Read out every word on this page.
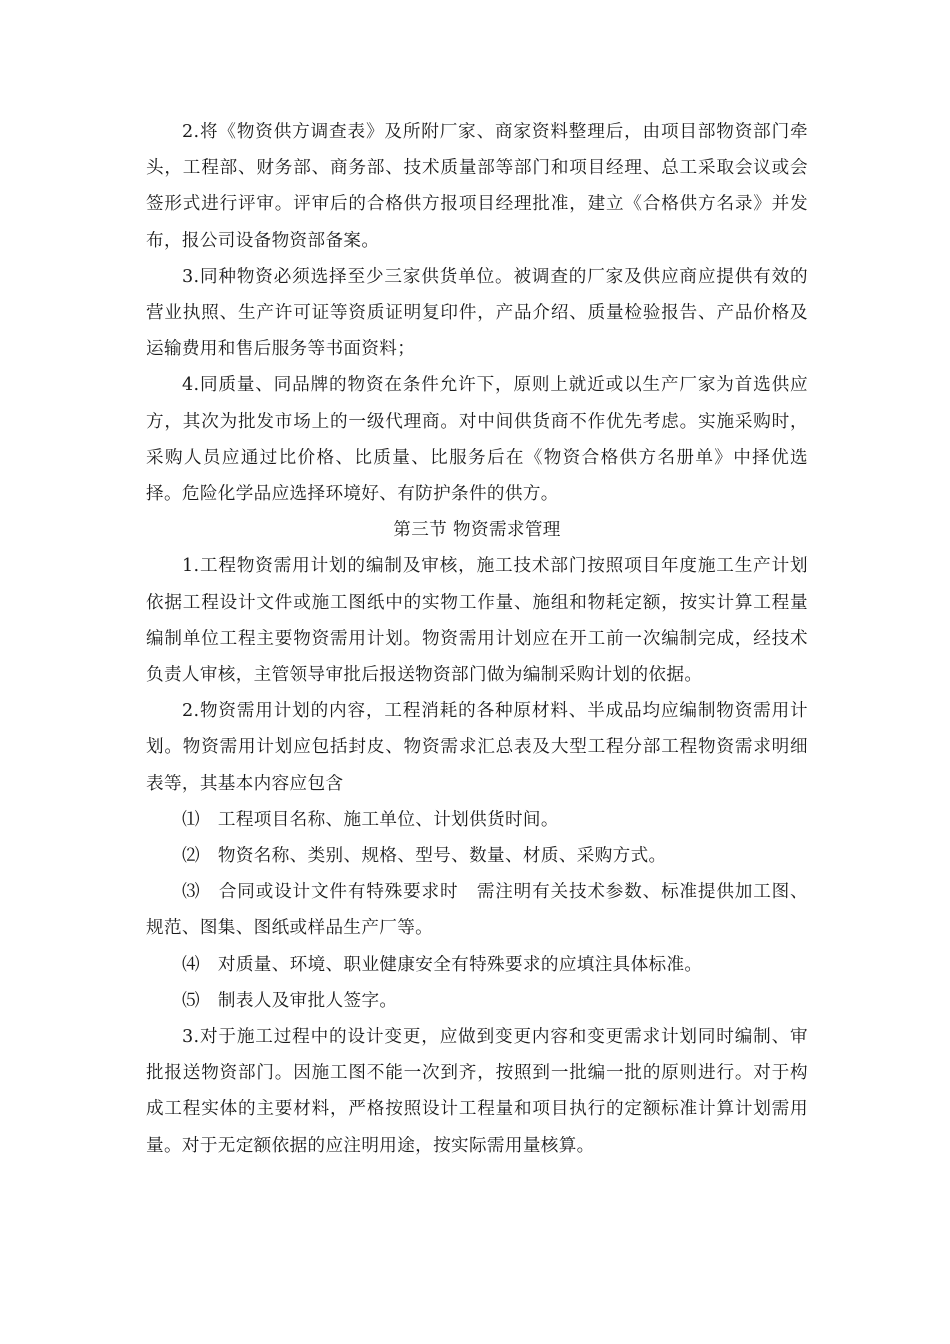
2.将《物资供方调查表》及所附厂家、商家资料整理后，由项目部物资部门牵头，工程部、财务部、商务部、技术质量部等部门和项目经理、总工采取会议或会签形式进行评审。评审后的合格供方报项目经理批准，建立《合格供方名录》并发布，报公司设备物资部备案。

3.同种物资必须选择至少三家供货单位。被调查的厂家及供应商应提供有效的营业执照、生产许可证等资质证明复印件，产品介绍、质量检验报告、产品价格及运输费用和售后服务等书面资料；

4.同质量、同品牌的物资在条件允许下，原则上就近或以生产厂家为首选供应方，其次为批发市场上的一级代理商。对中间供货商不作优先考虑。实施采购时，采购人员应通过比价格、比质量、比服务后在《物资合格供方名册单》中择优选择。危险化学品应选择环境好、有防护条件的供方。

第三节 物资需求管理

1.工程物资需用计划的编制及审核，施工技术部门按照项目年度施工生产计划依据工程设计文件或施工图纸中的实物工作量、施组和物耗定额，按实计算工程量编制单位工程主要物资需用计划。物资需用计划应在开工前一次编制完成，经技术负责人审核，主管领导审批后报送物资部门做为编制采购计划的依据。

2.物资需用计划的内容，工程消耗的各种原材料、半成品均应编制物资需用计划。物资需用计划应包括封皮、物资需求汇总表及大型工程分部工程物资需求明细表等，其基本内容应包含

⑴　工程项目名称、施工单位、计划供货时间。

⑵　物资名称、类别、规格、型号、数量、材质、采购方式。

⑶　合同或设计文件有特殊要求时　需注明有关技术参数、标准提供加工图、规范、图集、图纸或样品生产厂等。

⑷　对质量、环境、职业健康安全有特殊要求的应填注具体标准。

⑸　制表人及审批人签字。

3.对于施工过程中的设计变更，应做到变更内容和变更需求计划同时编制、审批报送物资部门。因施工图不能一次到齐，按照到一批编一批的原则进行。对于构成工程实体的主要材料，严格按照设计工程量和项目执行的定额标准计算计划需用量。对于无定额依据的应注明用途，按实际需用量核算。
